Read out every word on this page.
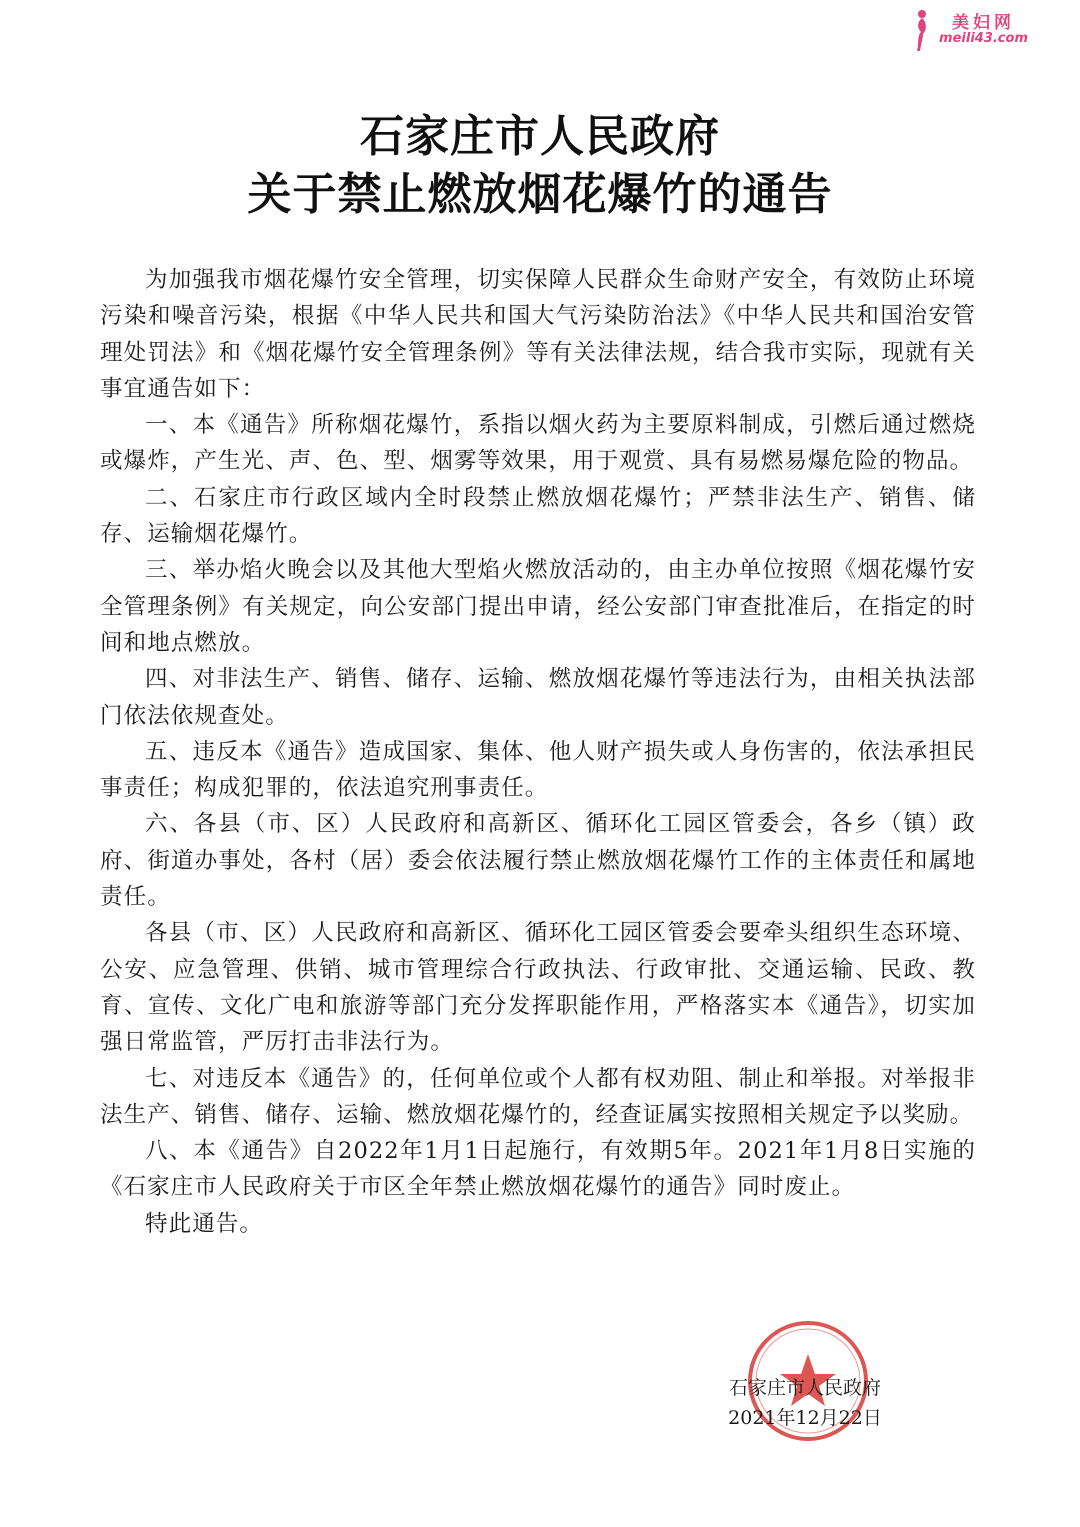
美妇网
meili43.com
石家庄市人民政府
关于禁止燃放烟花爆竹的通告

为加强我市烟花爆竹安全管理，切实保障人民群众生命财产安全，有效防止环境污染和噪音污染，根据《中华人民共和国大气污染防治法》《中华人民共和国治安管理处罚法》和《烟花爆竹安全管理条例》等有关法律法规，结合我市实际，现就有关事宜通告如下：

一、本《通告》所称烟花爆竹，系指以烟火药为主要原料制成，引燃后通过燃烧或爆炸，产生光、声、色、型、烟雾等效果，用于观赏、具有易燃易爆危险的物品。

二、石家庄市行政区域内全时段禁止燃放烟花爆竹；严禁非法生产、销售、储存、运输烟花爆竹。

三、举办焰火晚会以及其他大型焰火燃放活动的，由主办单位按照《烟花爆竹安全管理条例》有关规定，向公安部门提出申请，经公安部门审查批准后，在指定的时间和地点燃放。

四、对非法生产、销售、储存、运输、燃放烟花爆竹等违法行为，由相关执法部门依法依规查处。

五、违反本《通告》造成国家、集体、他人财产损失或人身伤害的，依法承担民事责任；构成犯罪的，依法追究刑事责任。

六、各县（市、区）人民政府和高新区、循环化工园区管委会，各乡（镇）政府、街道办事处，各村（居）委会依法履行禁止燃放烟花爆竹工作的主体责任和属地责任。

各县（市、区）人民政府和高新区、循环化工园区管委会要牵头组织生态环境、公安、应急管理、供销、城市管理综合行政执法、行政审批、交通运输、民政、教育、宣传、文化广电和旅游等部门充分发挥职能作用，严格落实本《通告》，切实加强日常监管，严厉打击非法行为。

七、对违反本《通告》的，任何单位或个人都有权劝阻、制止和举报。对举报非法生产、销售、储存、运输、燃放烟花爆竹的，经查证属实按照相关规定予以奖励。

八、本《通告》自2022年1月1日起施行，有效期5年。2021年1月8日实施的《石家庄市人民政府关于市区全年禁止燃放烟花爆竹的通告》同时废止。

特此通告。

石家庄市人民政府
2021年12月22日
